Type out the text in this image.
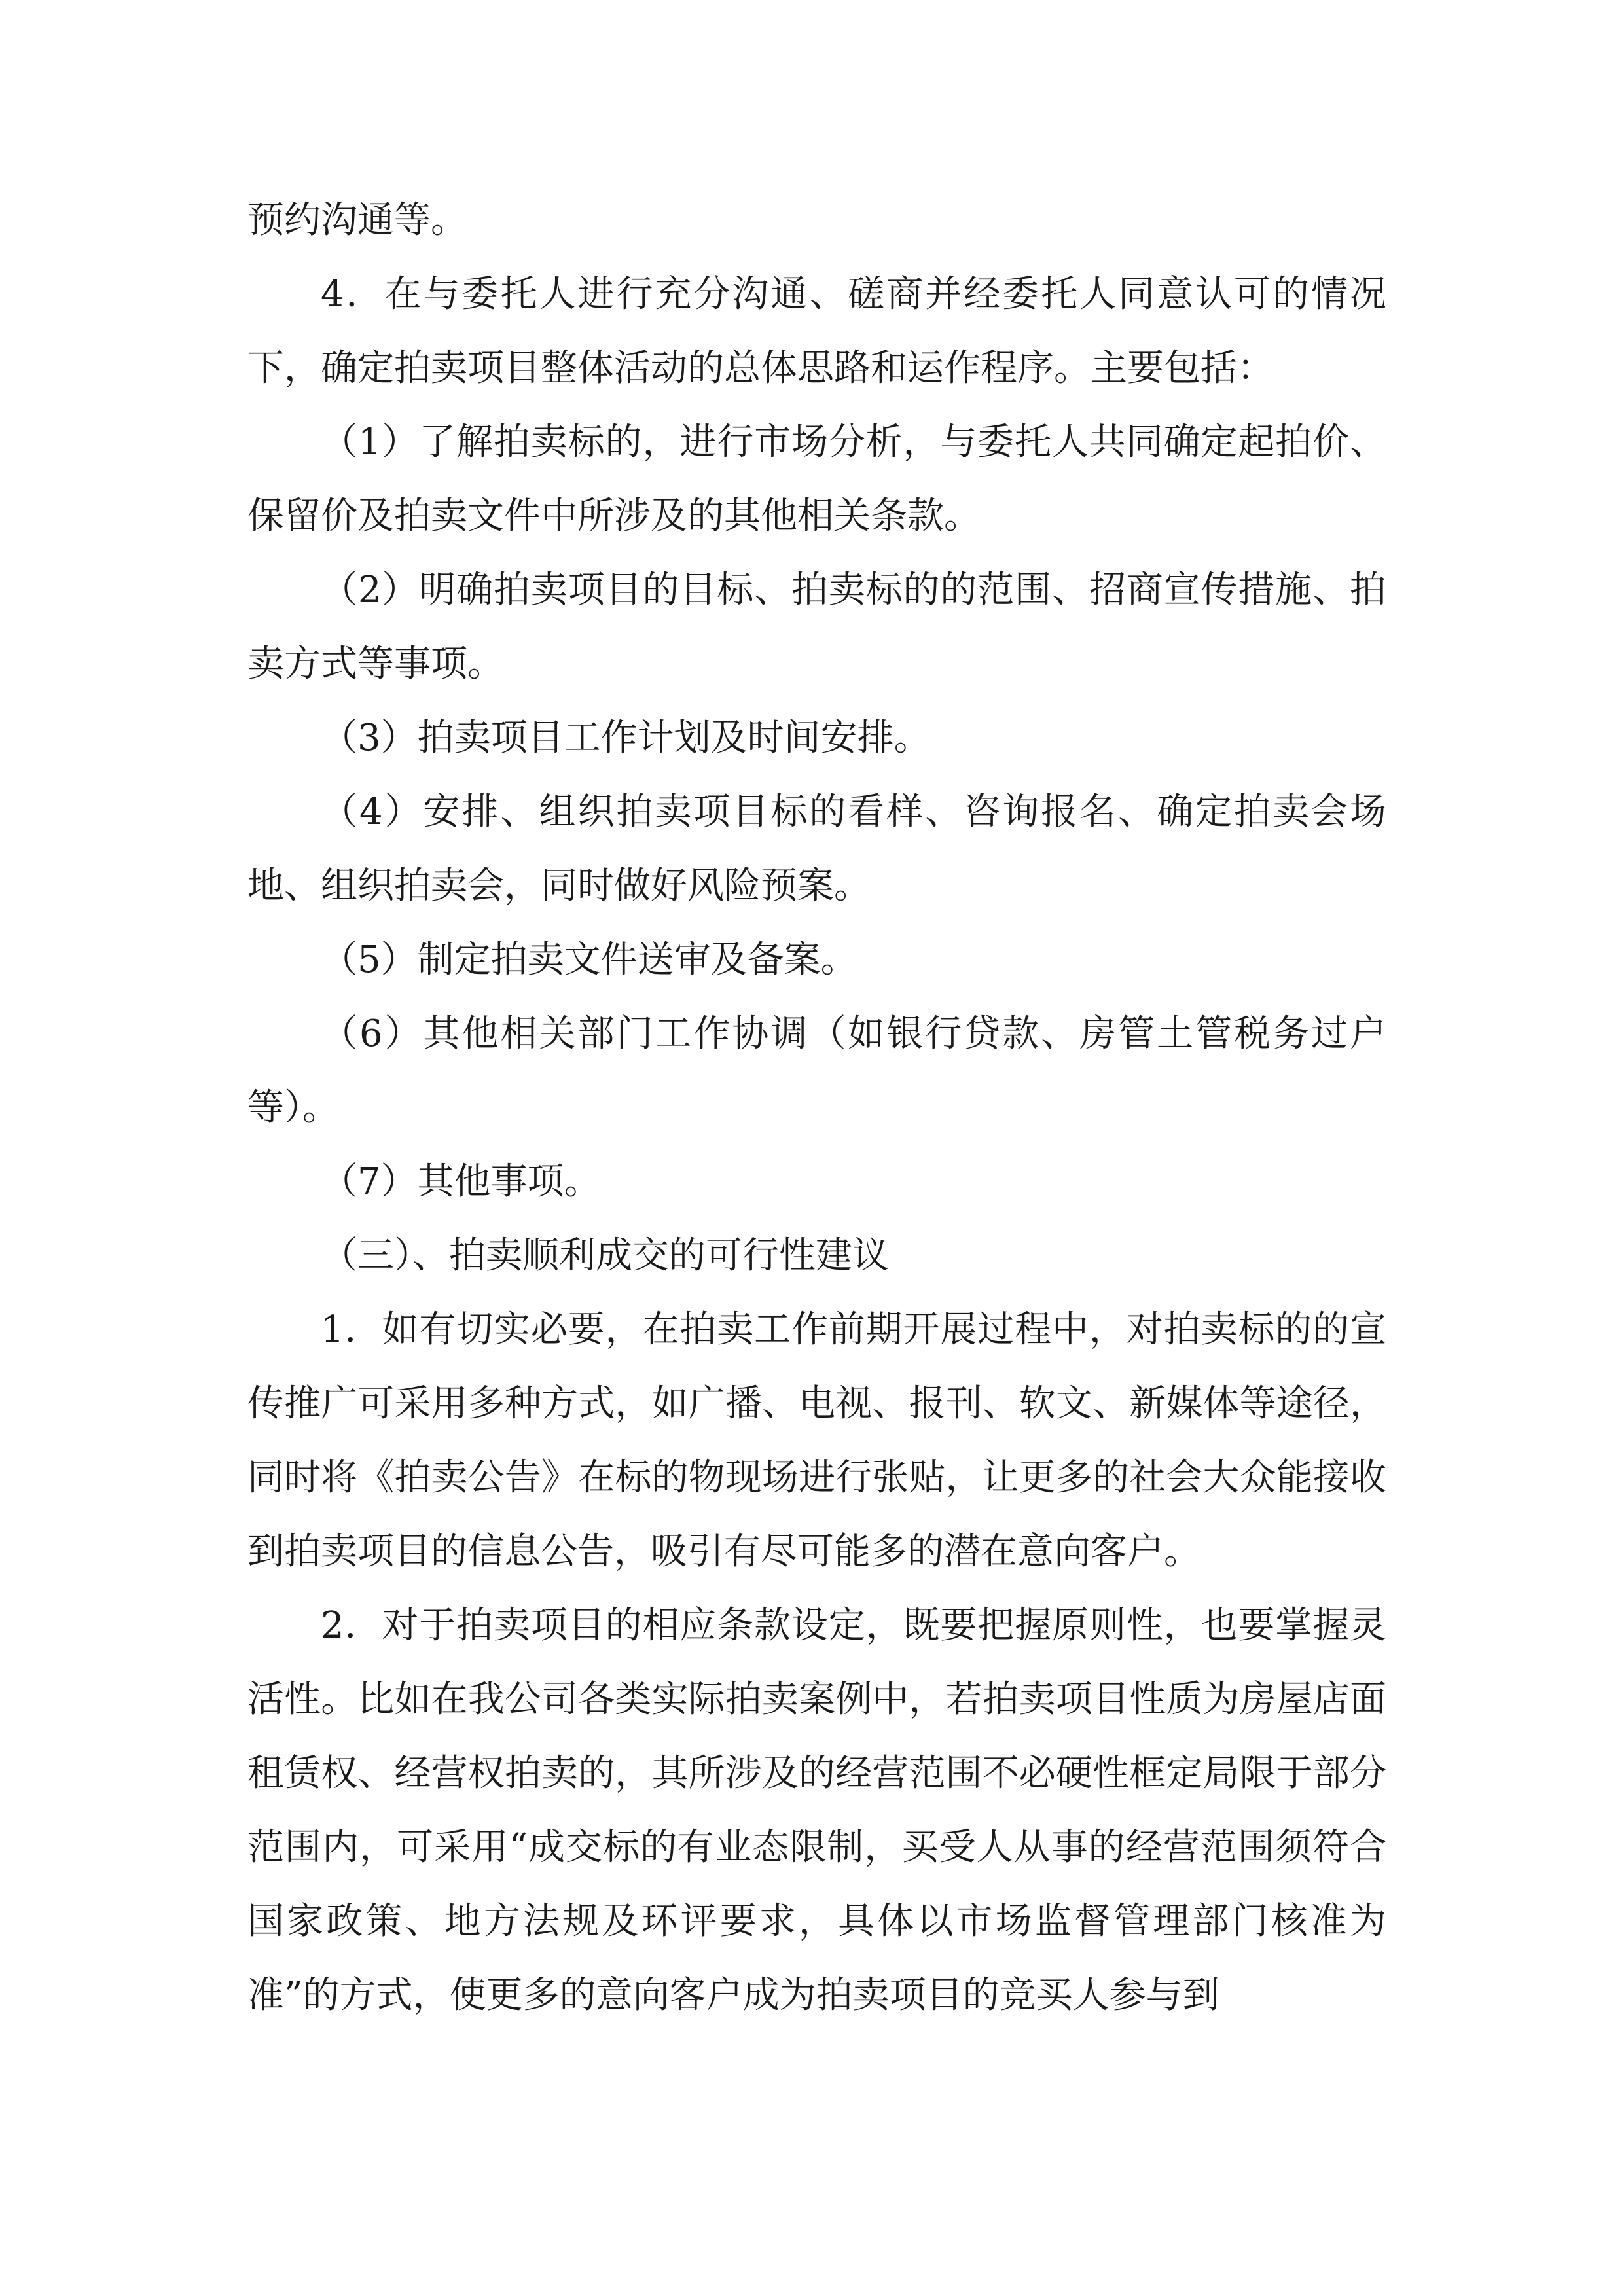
预约沟通等。

4．在与委托人进行充分沟通、磋商并经委托人同意认可的情况下，确定拍卖项目整体活动的总体思路和运作程序。主要包括：

（1）了解拍卖标的，进行市场分析，与委托人共同确定起拍价、保留价及拍卖文件中所涉及的其他相关条款。

（2）明确拍卖项目的目标、拍卖标的的范围、招商宣传措施、拍卖方式等事项。

（3）拍卖项目工作计划及时间安排。

（4）安排、组织拍卖项目标的看样、咨询报名、确定拍卖会场地、组织拍卖会，同时做好风险预案。

（5）制定拍卖文件送审及备案。

（6）其他相关部门工作协调（如银行贷款、房管土管税务过户等）。

（7）其他事项。

（三）、拍卖顺利成交的可行性建议

1．如有切实必要，在拍卖工作前期开展过程中，对拍卖标的的宣传推广可采用多种方式，如广播、电视、报刊、软文、新媒体等途径，同时将《拍卖公告》在标的物现场进行张贴，让更多的社会大众能接收到拍卖项目的信息公告，吸引有尽可能多的潜在意向客户。

2．对于拍卖项目的相应条款设定，既要把握原则性，也要掌握灵活性。比如在我公司各类实际拍卖案例中，若拍卖项目性质为房屋店面租赁权、经营权拍卖的，其所涉及的经营范围不必硬性框定局限于部分范围内，可采用“成交标的有业态限制，买受人从事的经营范围须符合国家政策、地方法规及环评要求，具体以市场监督管理部门核准为准”的方式，使更多的意向客户成为拍卖项目的竞买人参与到
